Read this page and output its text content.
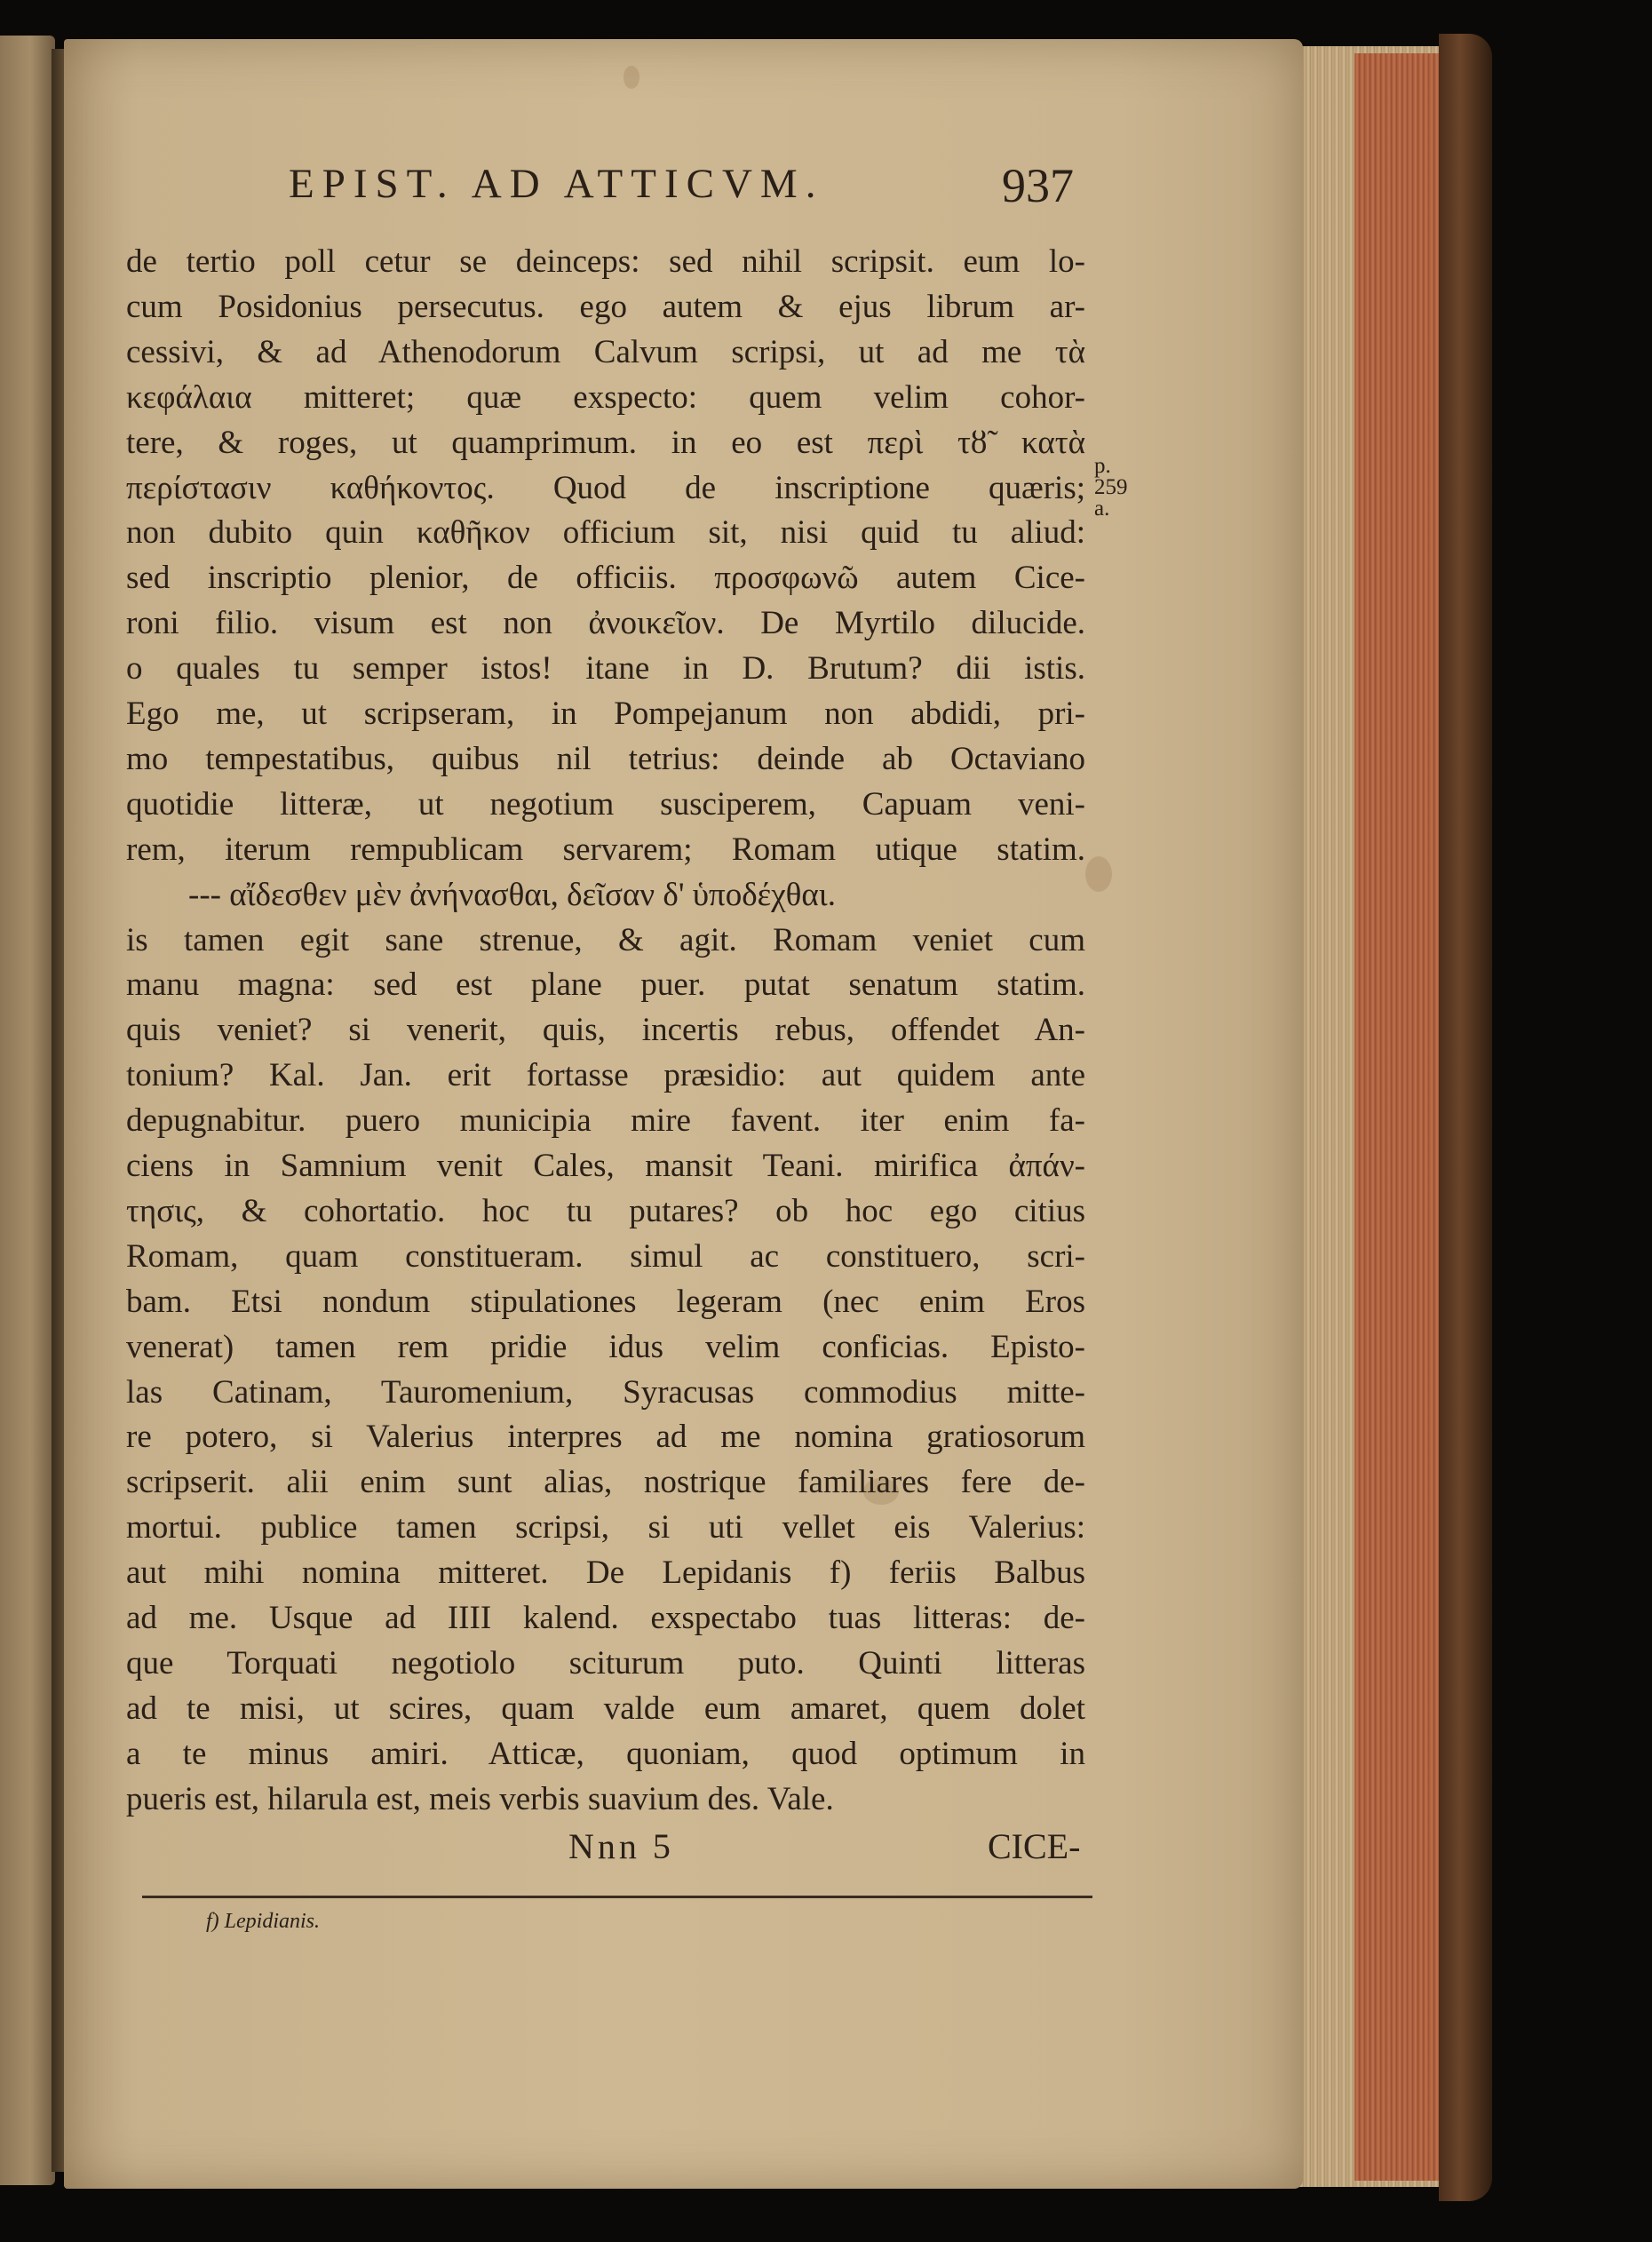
EPIST. AD ATTICVM.	937
de tertio poll cetur se deinceps: sed nihil scripsit. eum lo-
cum Posidonius persecutus. ego autem & ejus librum ar-
cessivi, & ad Athenodorum Calvum scripsi, ut ad me τὰ
κεφάλαια mitteret; quæ exspecto: quem velim cohor-
tere, & roges, ut quamprimum. in eo est περὶ τȣ̃ κατὰ
περίστασιν καθήκοντος. Quod de inscriptione quæris;
non dubito quin καθῆκον officium sit, nisi quid tu aliud:
sed inscriptio plenior, de officiis. προσφωνῶ autem Cice-
roni filio. visum est non ἀνοικεῖον. De Myrtilo dilucide.
o quales tu semper istos! itane in D. Brutum? dii istis.
Ego me, ut scripseram, in Pompejanum non abdidi, pri-
mo tempestatibus, quibus nil tetrius: deinde ab Octaviano
quotidie litteræ, ut negotium susciperem, Capuam veni-
rem, iterum rempublicam servarem; Romam utique statim.
--- αἴδεσθεν μὲν ἀνήνασθαι, δεῖσαν δ' ὑποδέχθαι.
is tamen egit sane strenue, & agit. Romam veniet cum
manu magna: sed est plane puer. putat senatum statim.
quis veniet? si venerit, quis, incertis rebus, offendet An-
tonium? Kal. Jan. erit fortasse præsidio: aut quidem ante
depugnabitur. puero municipia mire favent. iter enim fa-
ciens in Samnium venit Cales, mansit Teani. mirifica ἀπάν-
τησις, & cohortatio. hoc tu putares? ob hoc ego citius
Romam, quam constitueram. simul ac constituero, scri-
bam. Etsi nondum stipulationes legeram (nec enim Eros
venerat) tamen rem pridie idus velim conficias. Episto-
las Catinam, Tauromenium, Syracusas commodius mitte-
re potero, si Valerius interpres ad me nomina gratiosorum
scripserit. alii enim sunt alias, nostrique familiares fere de-
mortui. publice tamen scripsi, si uti vellet eis Valerius:
aut mihi nomina mitteret. De Lepidanis f) feriis Balbus
ad me. Usque ad IIII kalend. exspectabo tuas litteras: de-
que Torquati negotiolo sciturum puto. Quinti litteras
ad te misi, ut scires, quam valde eum amaret, quem dolet
a te minus amiri. Atticæ, quoniam, quod optimum in
pueris est, hilarula est, meis verbis suavium des. Vale.
p.
259
a.
Nnn 5	CICE-
f) Lepidianis.
